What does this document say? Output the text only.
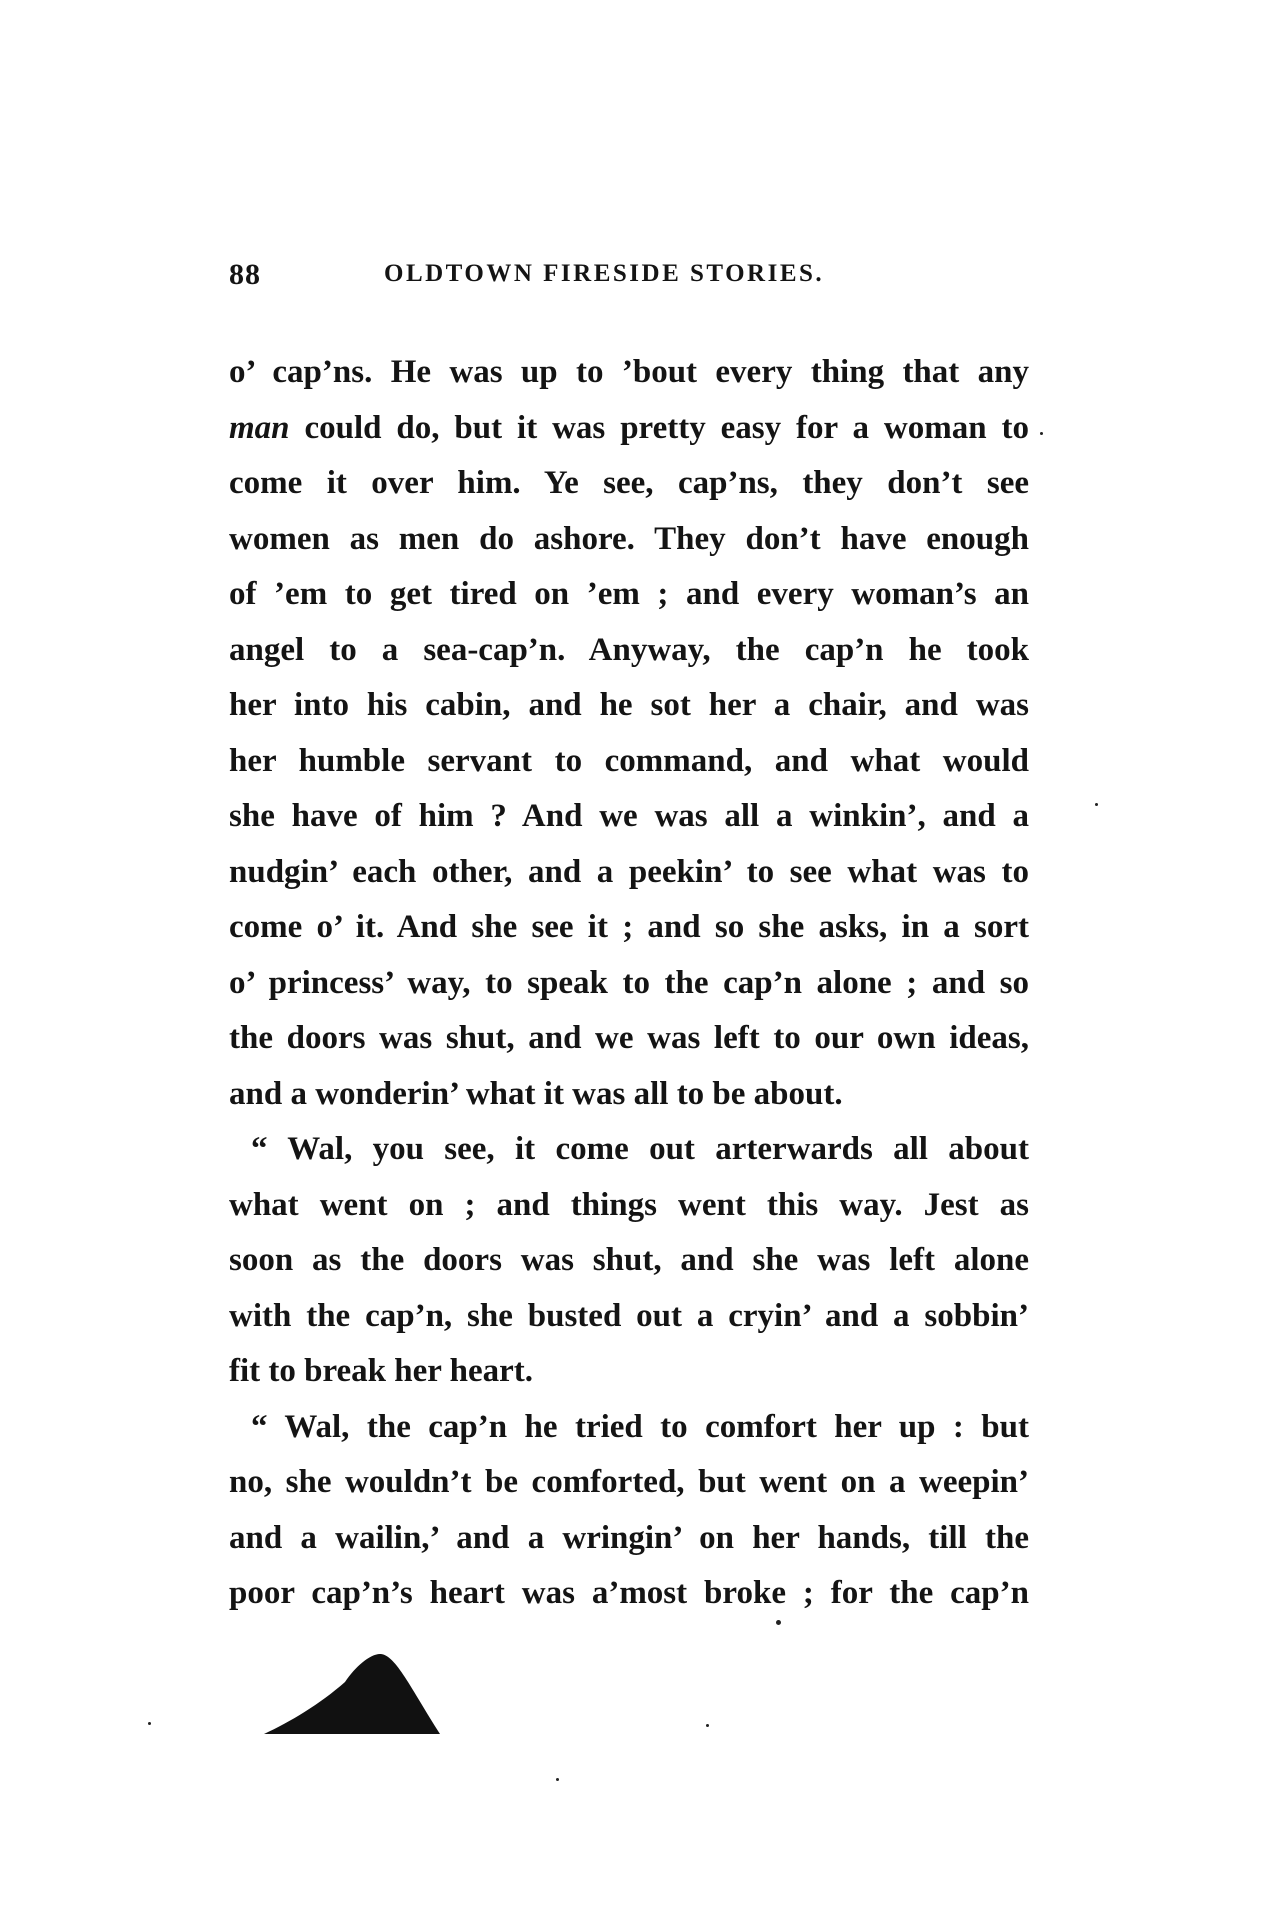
88	OLDTOWN FIRESIDE STORIES.
o’ cap’ns. He was up to ’bout every thing that any
man could do, but it was pretty easy for a woman to
come it over him. Ye see, cap’ns, they don’t see
women as men do ashore. They don’t have enough
of ’em to get tired on ’em ; and every woman’s an
angel to a sea-cap’n. Anyway, the cap’n he took
her into his cabin, and he sot her a chair, and was
her humble servant to command, and what would
she have of him ? And we was all a winkin’, and a
nudgin’ each other, and a peekin’ to see what was to
come o’ it. And she see it ; and so she asks, in a sort
o’ princess’ way, to speak to the cap’n alone ; and so
the doors was shut, and we was left to our own ideas,
and a wonderin’ what it was all to be about.
“ Wal, you see, it come out arterwards all about
what went on ; and things went this way. Jest as
soon as the doors was shut, and she was left alone
with the cap’n, she busted out a cryin’ and a sobbin’
fit to break her heart.
“ Wal, the cap’n he tried to comfort her up : but
no, she wouldn’t be comforted, but went on a weepin’
and a wailin,’ and a wringin’ on her hands, till the
poor cap’n’s heart was a’most broke ; for the cap’n
